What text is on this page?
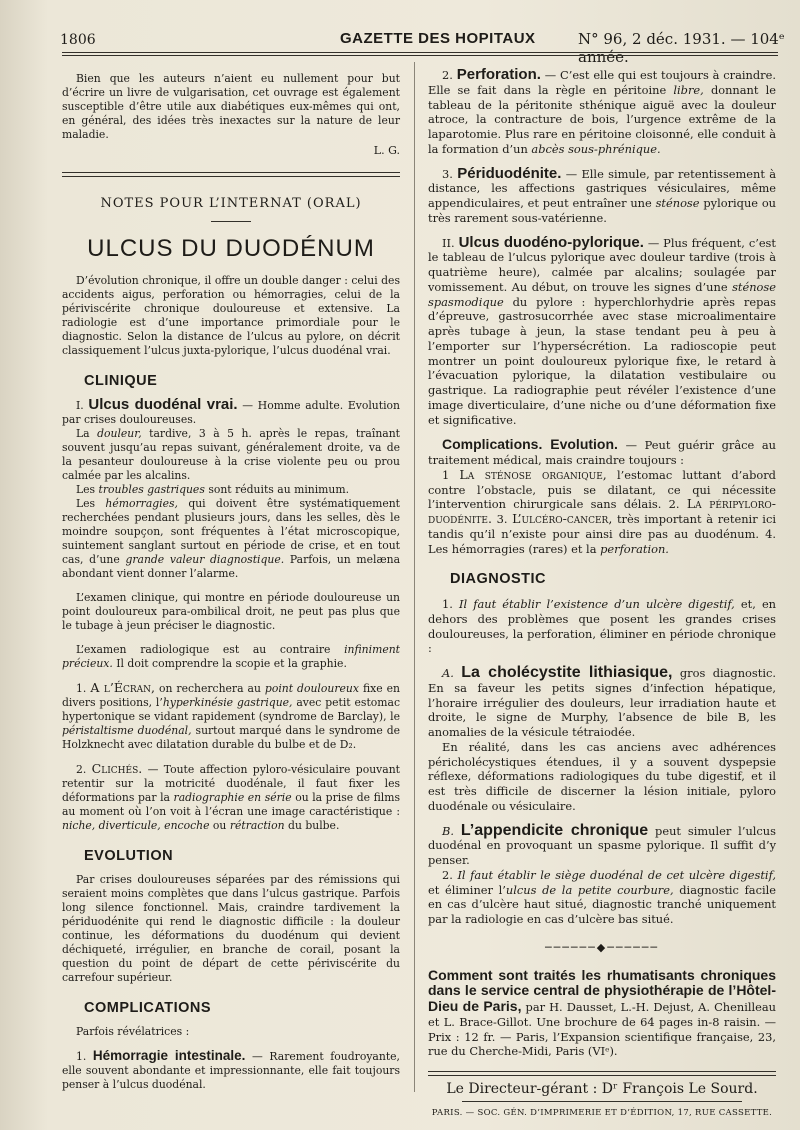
1806	GAZETTE DES HOPITAUX	N° 96, 2 déc. 1931. — 104ᵉ année.

Bien que les auteurs n’aient eu nullement pour but d’écrire un livre de vulgarisation, cet ouvrage est également susceptible d’être utile aux diabétiques eux-mêmes qui ont, en général, des idées très inexactes sur la nature de leur maladie.

L. G.
NOTES POUR L’INTERNAT (ORAL)
ULCUS DU DUODÉNUM

D’évolution chronique, il offre un double danger : celui des accidents aigus, perforation ou hémorragies, celui de la périviscérite chronique douloureuse et extensive. La radiologie est d’une importance primordiale pour le diagnostic. Selon la distance de l’ulcus au pylore, on décrit classiquement l’ulcus juxta-pylorique, l’ulcus duodénal vrai.

CLINIQUE

I. Ulcus duodénal vrai. — Homme adulte. Evolution par crises douloureuses.

La douleur, tardive, 3 à 5 h. après le repas, traînant souvent jusqu’au repas suivant, généralement droite, va de la pesanteur douloureuse à la crise violente peu ou prou calmée par les alcalins.

Les troubles gastriques sont réduits au minimum.

Les hémorragies, qui doivent être systématiquement recherchées pendant plusieurs jours, dans les selles, dès le moindre soupçon, sont fréquentes à l’état microscopique, suintement sanglant surtout en période de crise, et en tout cas, d’une grande valeur diagnostique. Parfois, un melæna abondant vient donner l’alarme.

L’examen clinique, qui montre en période douloureuse un point douloureux para-ombilical droit, ne peut pas plus que le tubage à jeun préciser le diagnostic.

L’examen radiologique est au contraire infiniment précieux. Il doit comprendre la scopie et la graphie.

1. A l’Écran, on recherchera au point douloureux fixe en divers positions, l’hyperkinésie gastrique, avec petit estomac hypertonique se vidant rapidement (syndrome de Barclay), le péristaltisme duodénal, surtout marqué dans le syndrome de Holzknecht avec dilatation durable du bulbe et de D₂.

2. Clichés. — Toute affection pyloro-vésiculaire pouvant retentir sur la motricité duodénale, il faut fixer les déformations par la radiographie en série ou la prise de films au moment où l’on voit à l’écran une image caractéristique : niche, diverticule, encoche ou rétraction du bulbe.

EVOLUTION

Par crises douloureuses séparées par des rémissions qui seraient moins complètes que dans l’ulcus gastrique. Parfois long silence fonctionnel. Mais, craindre tardivement la périduodénite qui rend le diagnostic difficile : la douleur continue, les déformations du duodénum qui devient déchiqueté, irrégulier, en branche de corail, posant la question du point de départ de cette périviscérite du carrefour supérieur.

COMPLICATIONS

Parfois révélatrices :

1. Hémorragie intestinale. — Rarement foudroyante, elle souvent abondante et impressionnante, elle fait toujours penser à l’ulcus duodénal.

2. Perforation. — C’est elle qui est toujours à craindre. Elle se fait dans la règle en péritoine libre, donnant le tableau de la péritonite sthénique aiguë avec la douleur atroce, la contracture de bois, l’urgence extrême de la laparotomie. Plus rare en péritoine cloisonné, elle conduit à la formation d’un abcès sous-phrénique.

3. Périduodénite. — Elle simule, par retentissement à distance, les affections gastriques vésiculaires, même appendiculaires, et peut entraîner une sténose pylorique ou très rarement sous-vatérienne.

II. Ulcus duodéno-pylorique. — Plus fréquent, c’est le tableau de l’ulcus pylorique avec douleur tardive (trois à quatrième heure), calmée par alcalins; soulagée par vomissement. Au début, on trouve les signes d’une sténose spasmodique du pylore : hyperchlorhydrie après repas d’épreuve, gastrosucorrhée avec stase microalimentaire après tubage à jeun, la stase tendant peu à peu à l’emporter sur l’hypersécrétion. La radioscopie peut montrer un point douloureux pylorique fixe, le retard à l’évacuation pylorique, la dilatation vestibulaire ou gastrique. La radiographie peut révéler l’existence d’une image diverticulaire, d’une niche ou d’une déformation fixe et significative.

Complications. Evolution. — Peut guérir grâce au traitement médical, mais craindre toujours :

1 La sténose organique, l’estomac luttant d’abord contre l’obstacle, puis se dilatant, ce qui nécessite l’intervention chirurgicale sans délais. 2. La péripyloro-duodénite. 3. L’ulcéro-cancer, très important à retenir ici tandis qu’il n’existe pour ainsi dire pas au duodénum. 4. Les hémorragies (rares) et la perforation.

DIAGNOSTIC

1. Il faut établir l’existence d’un ulcère digestif, et, en dehors des problèmes que posent les grandes crises douloureuses, la perforation, éliminer en période chronique :

A. La cholécystite lithiasique, gros diagnostic. En sa faveur les petits signes d’infection hépatique, l’horaire irrégulier des douleurs, leur irradiation haute et droite, le signe de Murphy, l’absence de bile B, les anomalies de la vésicule tétraiodée.

En réalité, dans les cas anciens avec adhérences péricholécystiques étendues, il y a souvent dyspepsie réflexe, déformations radiologiques du tube digestif, et il est très difficile de discerner la lésion initiale, pyloro duodénale ou vésiculaire.

B. L’appendicite chronique peut simuler l’ulcus duodénal en provoquant un spasme pylorique. Il suffit d’y penser.

2. Il faut établir le siège duodénal de cet ulcère digestif, et éliminer l’ulcus de la petite courbure, diagnostic facile en cas d’ulcère haut situé, diagnostic tranché uniquement par la radiologie en cas d’ulcère bas situé.

──────◆──────

Comment sont traités les rhumatisants chroniques dans le service central de physiothérapie de l’Hôtel-Dieu de Paris, par H. Dausset, L.-H. Dejust, A. Chenilleau et L. Brace-Gillot. Une brochure de 64 pages in-8 raisin. — Prix : 12 fr. — Paris, l’Expansion scientifique française, 23, rue du Cherche-Midi, Paris (VIᵉ).

Le Directeur-gérant : Dʳ François Le Sourd.
PARIS. — SOC. GÉN. D’IMPRIMERIE ET D’ÉDITION, 17, RUE CASSETTE.
